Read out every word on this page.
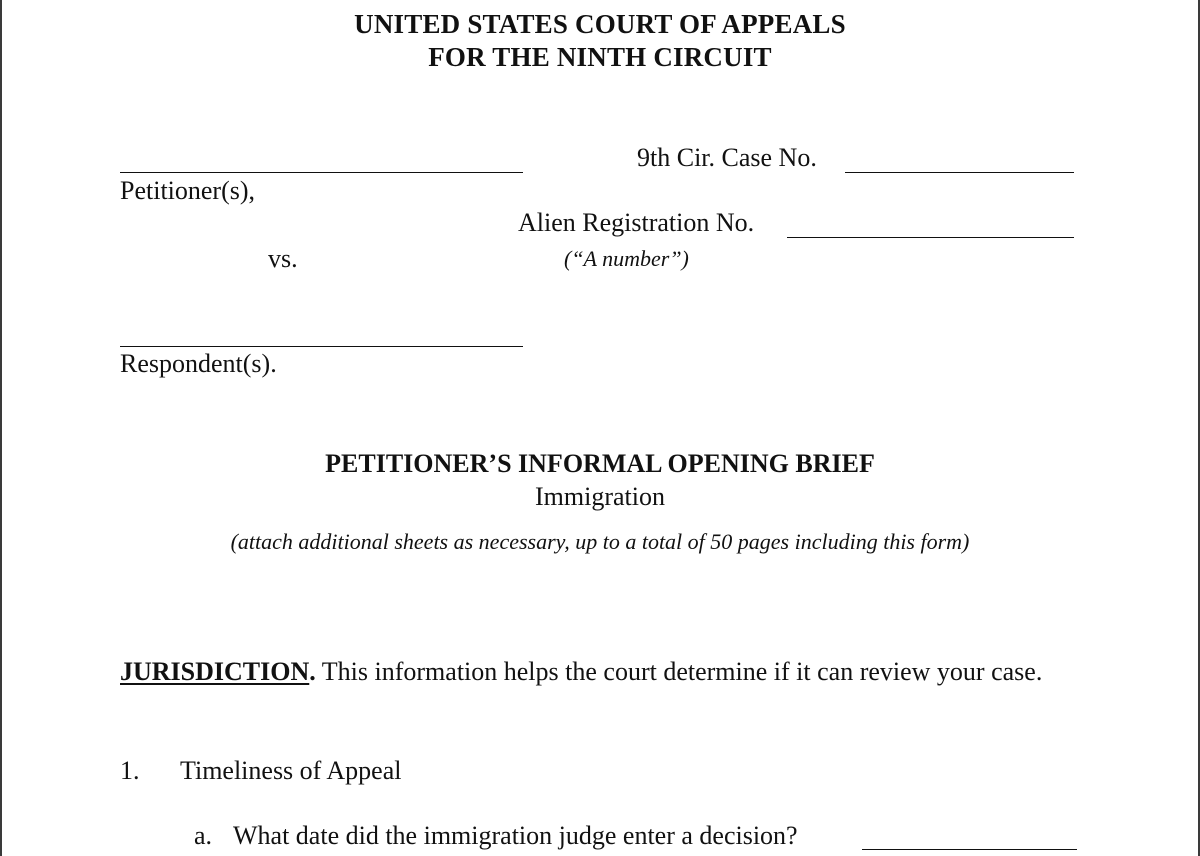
UNITED STATES COURT OF APPEALS
FOR THE NINTH CIRCUIT
Petitioner(s),
9th Cir. Case No.
Alien Registration No.
(“A number”)
vs.
Respondent(s).
PETITIONER’S INFORMAL OPENING BRIEF
Immigration
(attach additional sheets as necessary, up to a total of 50 pages including this form)
JURISDICTION. This information helps the court determine if it can review your case.
1. Timeliness of Appeal
a. What date did the immigration judge enter a decision?
